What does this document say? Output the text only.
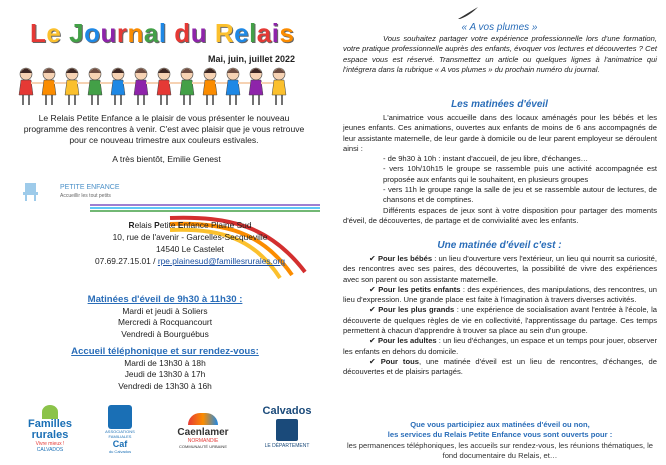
Le Journal du Relais
Mai, juin, juillet 2022
Le Relais Petite Enfance a le plaisir de vous présenter le nouveau programme des rencontres à venir. C'est avec plaisir que je vous retrouve pour ce nouveau trimestre aux couleurs estivales.
A très bientôt, Emilie Genest
PETITE ENFANCE
Accueillir les tout petits
Relais Petite Enfance Plaine Sud
10, rue de l'avenir - Garcelles-Secqueville
14540 Le Castelet
07.69.27.15.01 / rpe.plainesud@famillesrurales.org
Matinées d'éveil de 9h30 à 11h30 :
Mardi et jeudi à Soliers
Mercredi à Rocquancourt
Vendredi à Bourguébus
Accueil téléphonique et sur rendez-vous:
Mardi de 13h30 à 18h
Jeudi de 13h30 à 17h
Vendredi de 13h30 à 16h
Familles
rurales
Vivre mieux !
CALVADOS
ASSOCIATIONS FAMILIALES
Caf
du Calvados
Caenlamer
NORMANDIE
COMMUNAUTÉ URBAINE
Calvados
LE DÉPARTEMENT
« A vos plumes »

Vous souhaitez partager votre expérience professionnelle lors d'une formation, votre pratique professionnelle auprès des enfants, évoquer vos lectures et découvertes ? Cet espace vous est réservé. Transmettez un article ou quelques lignes à l'animatrice qui l'intégrera dans la rubrique « A vos plumes » du prochain numéro du journal.

Les matinées d'éveil

L'animatrice vous accueille dans des locaux aménagés pour les bébés et les jeunes enfants. Ces animations, ouvertes aux enfants de moins de 6 ans accompagnés de leur assistante maternelle, de leur garde à domicile ou de leur parent employeur se déroulent ainsi :

- de 9h30 à 10h : instant d'accueil, de jeu libre, d'échanges…

- vers 10h/10h15 le groupe se rassemble puis une activité accompagnée est proposée aux enfants qui le souhaitent, en plusieurs groupes

- vers 11h le groupe range la salle de jeu et se rassemble autour de lectures, de chansons et de comptines.

Différents espaces de jeux sont à votre disposition pour partager des moments d'éveil, de découvertes, de partage et de convivialité avec les enfants.

Une matinée d'éveil c'est :

✔ Pour les bébés : un lieu d'ouverture vers l'extérieur, un lieu qui nourrit sa curiosité, des rencontres avec ses paires, des découvertes, la possibilité de vivre des expériences avec son parent ou son assistante maternelle.

✔ Pour les petits enfants : des expériences, des manipulations, des rencontres, un lieu d'expression. Une grande place est faite à l'imagination à travers diverses activités.

✔ Pour les plus grands : une expérience de socialisation avant l'entrée à l'école, la découverte de quelques règles de vie en collectivité, l'apprentissage du partage. Ces temps permettent à chacun d'apprendre à trouver sa place au sein d'un groupe.

✔ Pour les adultes : un lieu d'échanges, un espace et un temps pour jouer, observer les enfants en dehors du domicile.

✔ Pour tous, une matinée d'éveil est un lieu de rencontres, d'échanges, de découvertes et de plaisirs partagés.

Que vous participiez aux matinées d'éveil ou non,

les services du Relais Petite Enfance vous sont ouverts pour :

les permanences téléphoniques, les accueils sur rendez-vous, les réunions thématiques, le fond documentaire du Relais, et…
